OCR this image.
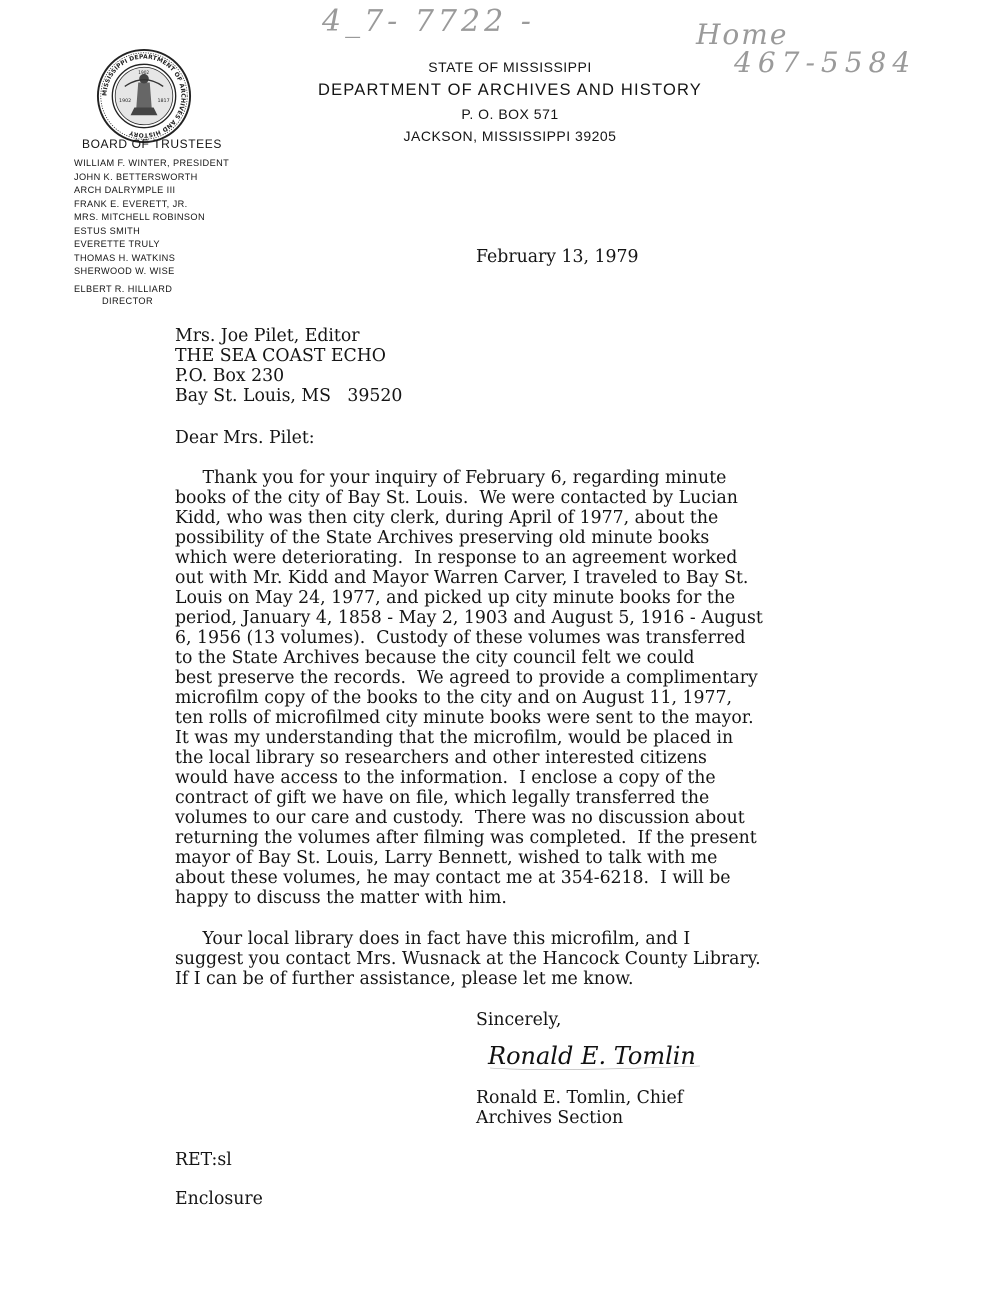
4_7- 7722 -	Home
467-5584
MISSISSIPPI DEPARTMENT OF ARCHIVES AND HISTORY
1902	1817
1902	STATE OF MISSISSIPPI
DEPARTMENT OF ARCHIVES AND HISTORY
P. O. BOX 571
JACKSON, MISSISSIPPI 39205
BOARD OF TRUSTEES
WILLIAM F. WINTER, PRESIDENT
JOHN K. BETTERSWORTH
ARCH DALRYMPLE III
FRANK E. EVERETT, JR.
MRS. MITCHELL ROBINSON
ESTUS SMITH
EVERETTE TRULY
THOMAS H. WATKINS
SHERWOOD W. WISE
ELBERT R. HILLIARD
DIRECTOR
February 13, 1979
Mrs. Joe Pilet, Editor
THE SEA COAST ECHO
P.O. Box 230
Bay St. Louis, MS   39520
Dear Mrs. Pilet:
Thank you for your inquiry of February 6, regarding minute
books of the city of Bay St. Louis.  We were contacted by Lucian
Kidd, who was then city clerk, during April of 1977, about the
possibility of the State Archives preserving old minute books
which were deteriorating.  In response to an agreement worked
out with Mr. Kidd and Mayor Warren Carver, I traveled to Bay St.
Louis on May 24, 1977, and picked up city minute books for the
period, January 4, 1858 - May 2, 1903 and August 5, 1916 - August
6, 1956 (13 volumes).  Custody of these volumes was transferred
to the State Archives because the city council felt we could
best preserve the records.  We agreed to provide a complimentary
microfilm copy of the books to the city and on August 11, 1977,
ten rolls of microfilmed city minute books were sent to the mayor.
It was my understanding that the microfilm, would be placed in
the local library so researchers and other interested citizens
would have access to the information.  I enclose a copy of the
contract of gift we have on file, which legally transferred the
volumes to our care and custody.  There was no discussion about
returning the volumes after filming was completed.  If the present
mayor of Bay St. Louis, Larry Bennett, wished to talk with me
about these volumes, he may contact me at 354-6218.  I will be
happy to discuss the matter with him.
Your local library does in fact have this microfilm, and I
suggest you contact Mrs. Wusnack at the Hancock County Library.
If I can be of further assistance, please let me know.
Sincerely,
Ronald E. Tomlin
Ronald E. Tomlin, Chief
Archives Section
RET:sl
Enclosure
